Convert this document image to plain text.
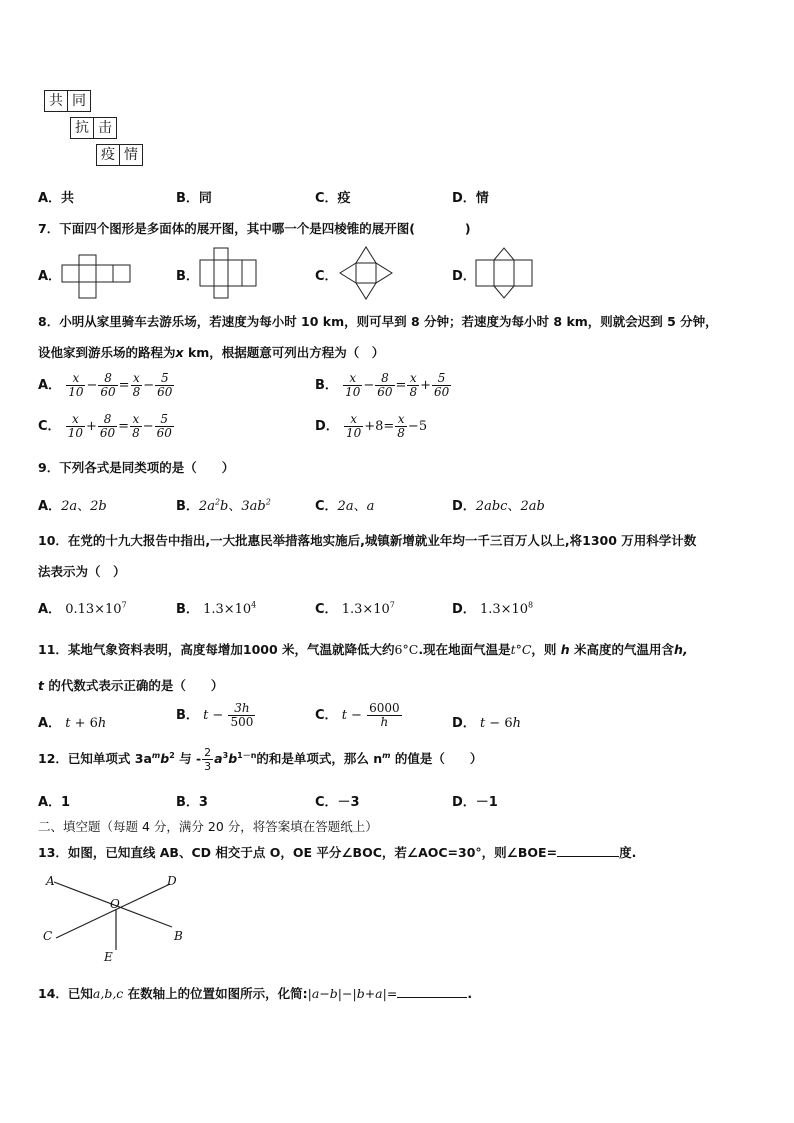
共 同
抗 击
疫 情
A．共	B．同	C．疫	D．情
7．下面四个图形是多面体的展开图，其中哪一个是四棱锥的展开图(　　　　)
A．	B．	C．	D．
8．小明从家里骑车去游乐场，若速度为每小时 10 km，则可早到 8 分钟；若速度为每小时 8 km，则就会迟到 5 分钟，
设他家到游乐场的路程为x km，根据题意可列出方程为（　）
A． $\frac{x}{10} - \frac{8}{60} = \frac{x}{8} - \frac{5}{60}$	B． $\frac{x}{10} - \frac{8}{60} = \frac{x}{8} + \frac{5}{60}$
C． $\frac{x}{10} + \frac{8}{60} = \frac{x}{8} - \frac{5}{60}$	D． $\frac{x}{10} +8= \frac{x}{8} -5$
9．下列各式是同类项的是（　　）
A．2a、2b	B．$2a^2b$、$3ab^2$	C．2a、a	D．2abc、2ab
10．在党的十九大报告中指出,一大批惠民举措落地实施后,城镇新增就业年均一千三百万人以上,将1300 万用科学计数
法表示为（　）
A． $0.13\times 10^7$	B． $1.3\times 10^4$	C． $1.3\times 10^7$	D． $1.3\times 10^8$
11．某地气象资料表明，高度每增加1000 米，气温就降低大约6°C.现在地面气温是t°C，则 h 米高度的气温用含h,
t 的代数式表示正确的是（　　）
A． t + 6h
B． $t - \frac{3h}{500}$	C． $t - \frac{6000}{h}$	D． t − 6h
12．已知单项式 $3a^mb^2$ 与 - $\frac{2}{3} a^3b^{1-n}$的和是单项式，那么 $n^m$ 的值是（　　）
A．1	B．3	C．－3	D．－1
二、填空题（每题 4 分，满分 20 分，将答案填在答题纸上）
13．如图，已知直线 AB、CD 相交于点 O，OE 平分∠BOC，若∠AOC=30°，则∠BOE=	度.
A	D
O
C	B
E
14．已知a,b,c 在数轴上的位置如图所示，化简:|a−b|−|b+a|=	.
